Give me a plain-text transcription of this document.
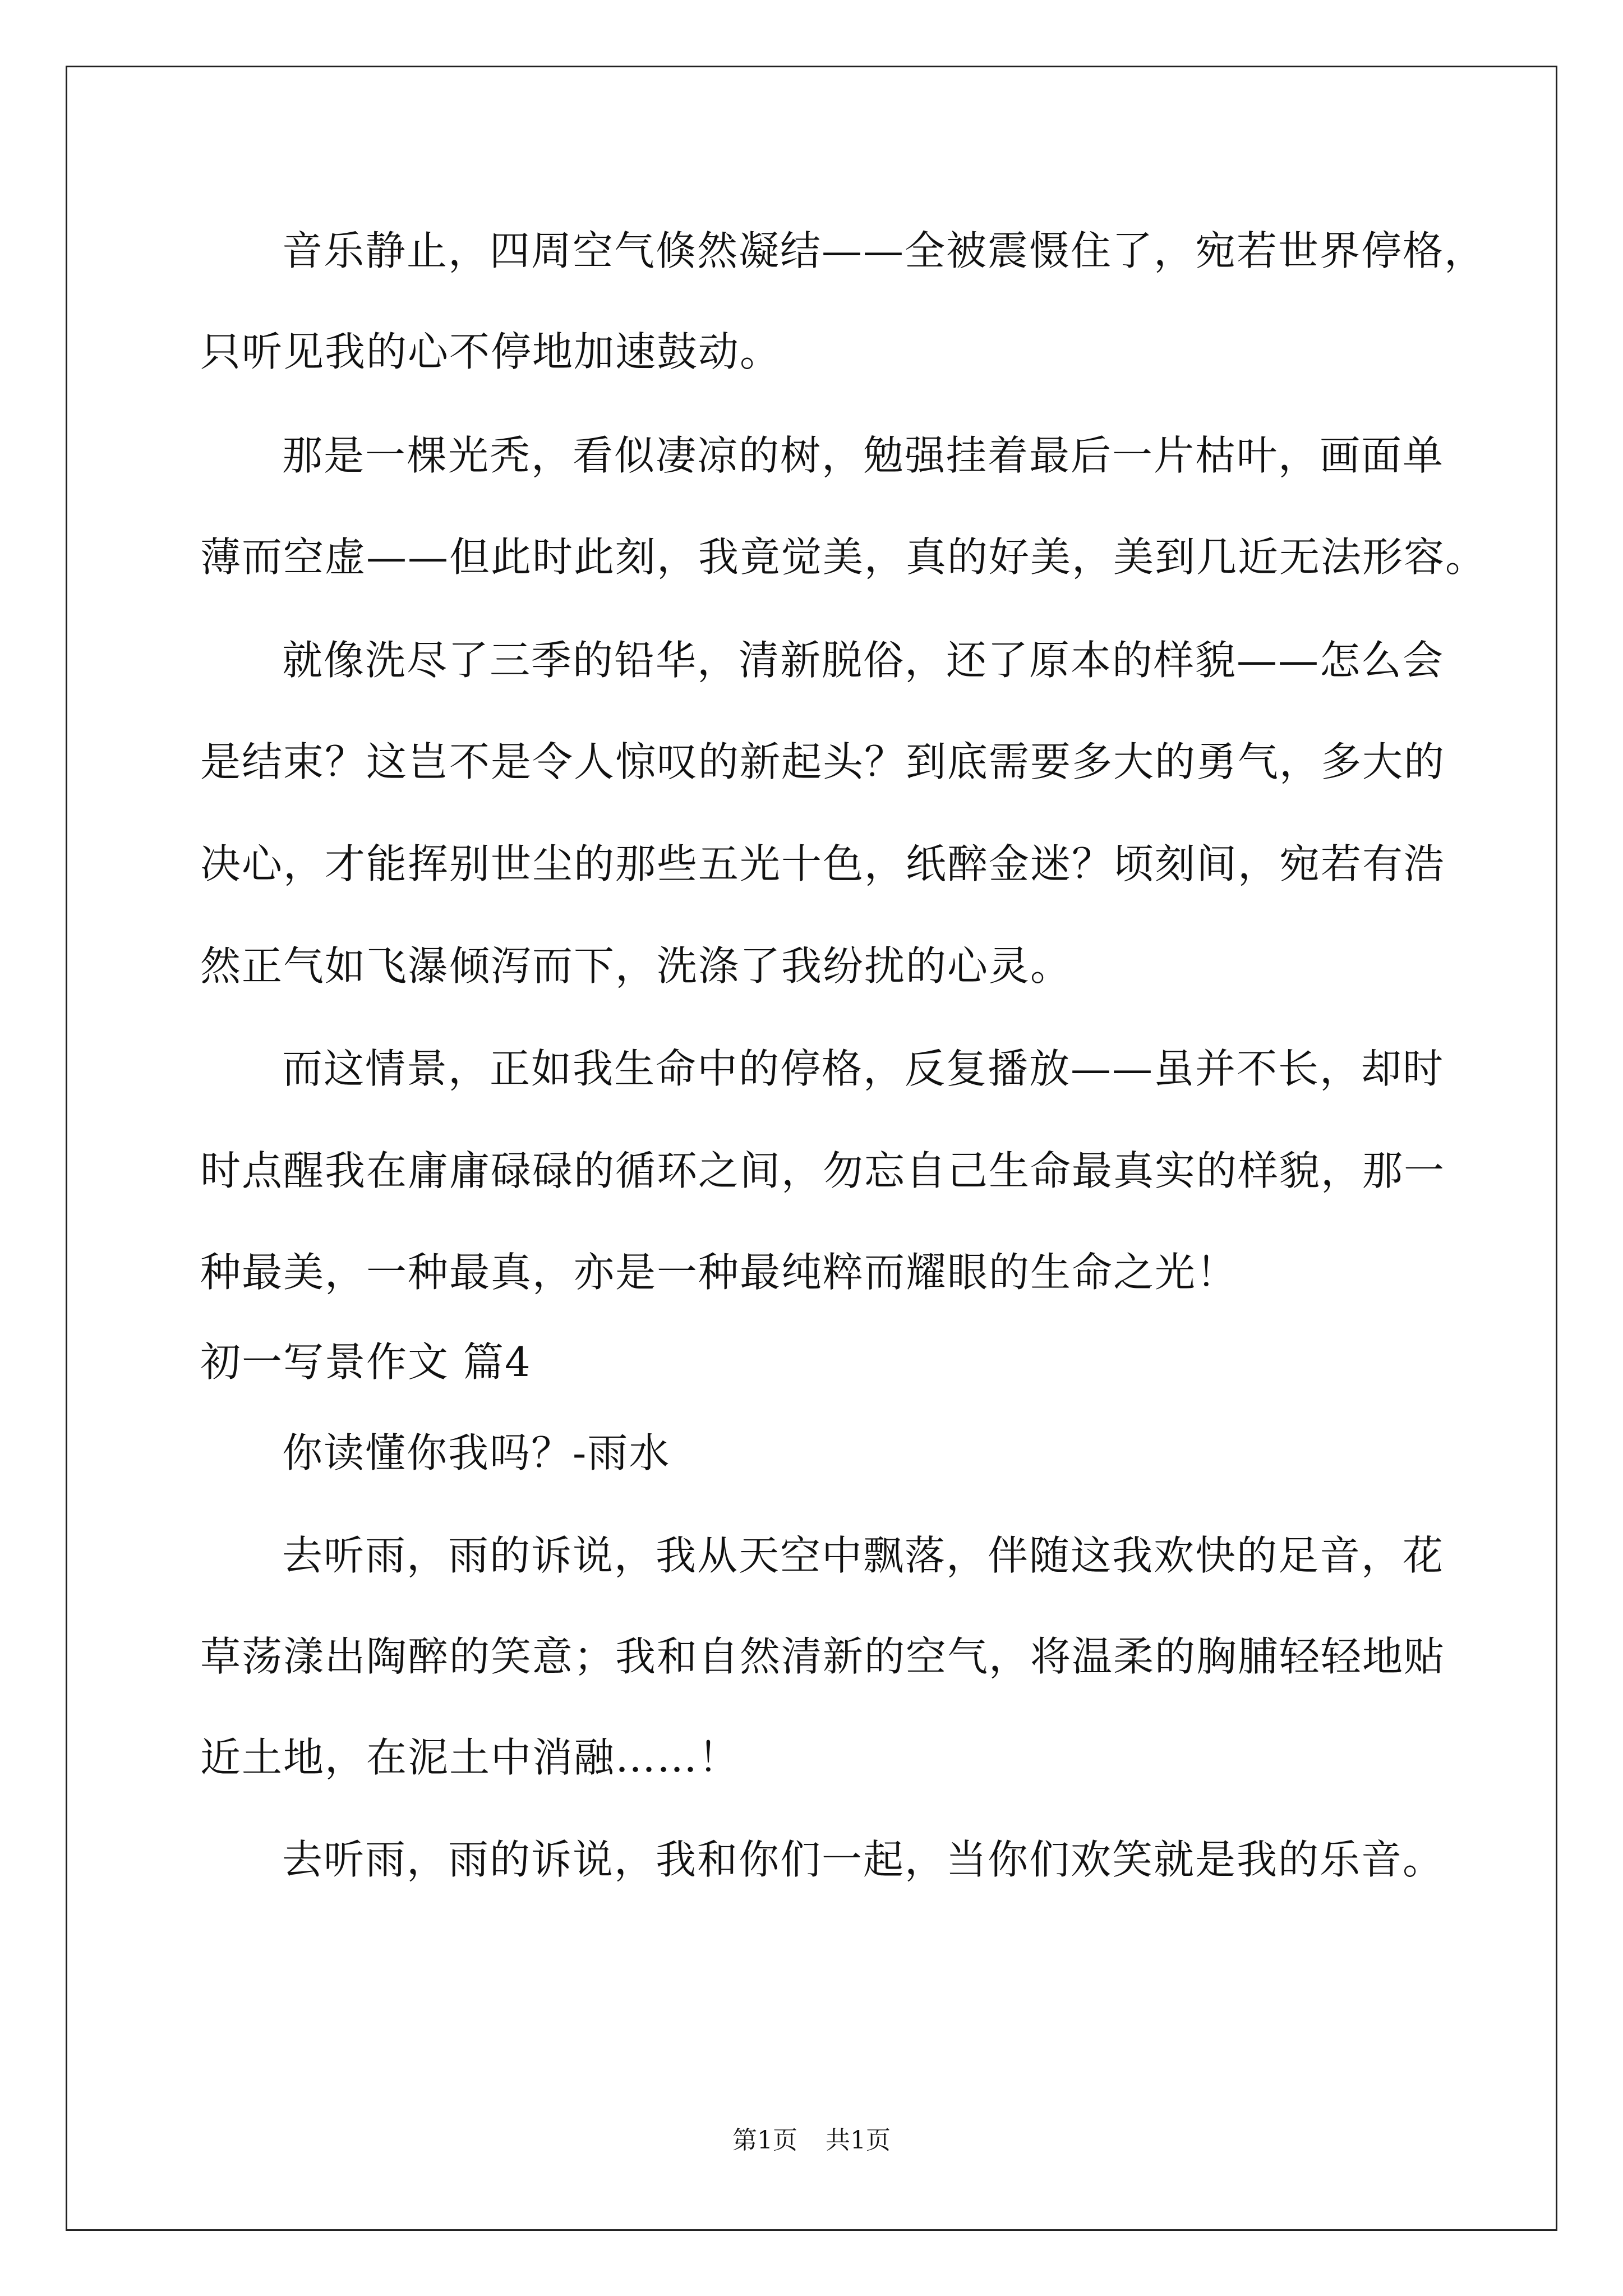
音乐静止，四周空气倏然凝结——全被震慑住了，宛若世界停格，
只听见我的心不停地加速鼓动。
那是一棵光秃，看似凄凉的树，勉强挂着最后一片枯叶，画面单
薄而空虚——但此时此刻，我竟觉美，真的好美，美到几近无法形容。
就像洗尽了三季的铅华，清新脱俗，还了原本的样貌——怎么会
是结束？这岂不是令人惊叹的新起头？到底需要多大的勇气，多大的
决心，才能挥别世尘的那些五光十色，纸醉金迷？顷刻间，宛若有浩
然正气如飞瀑倾泻而下，洗涤了我纷扰的心灵。
而这情景，正如我生命中的停格，反复播放——虽并不长，却时
时点醒我在庸庸碌碌的循环之间，勿忘自己生命最真实的样貌，那一
种最美，一种最真，亦是一种最纯粹而耀眼的生命之光！
初一写景作文 篇4
你读懂你我吗？-雨水
去听雨，雨的诉说，我从天空中飘落，伴随这我欢快的足音，花
草荡漾出陶醉的笑意；我和自然清新的空气，将温柔的胸脯轻轻地贴
近土地，在泥土中消融……！
去听雨，雨的诉说，我和你们一起，当你们欢笑就是我的乐音。
第1页 共1页
